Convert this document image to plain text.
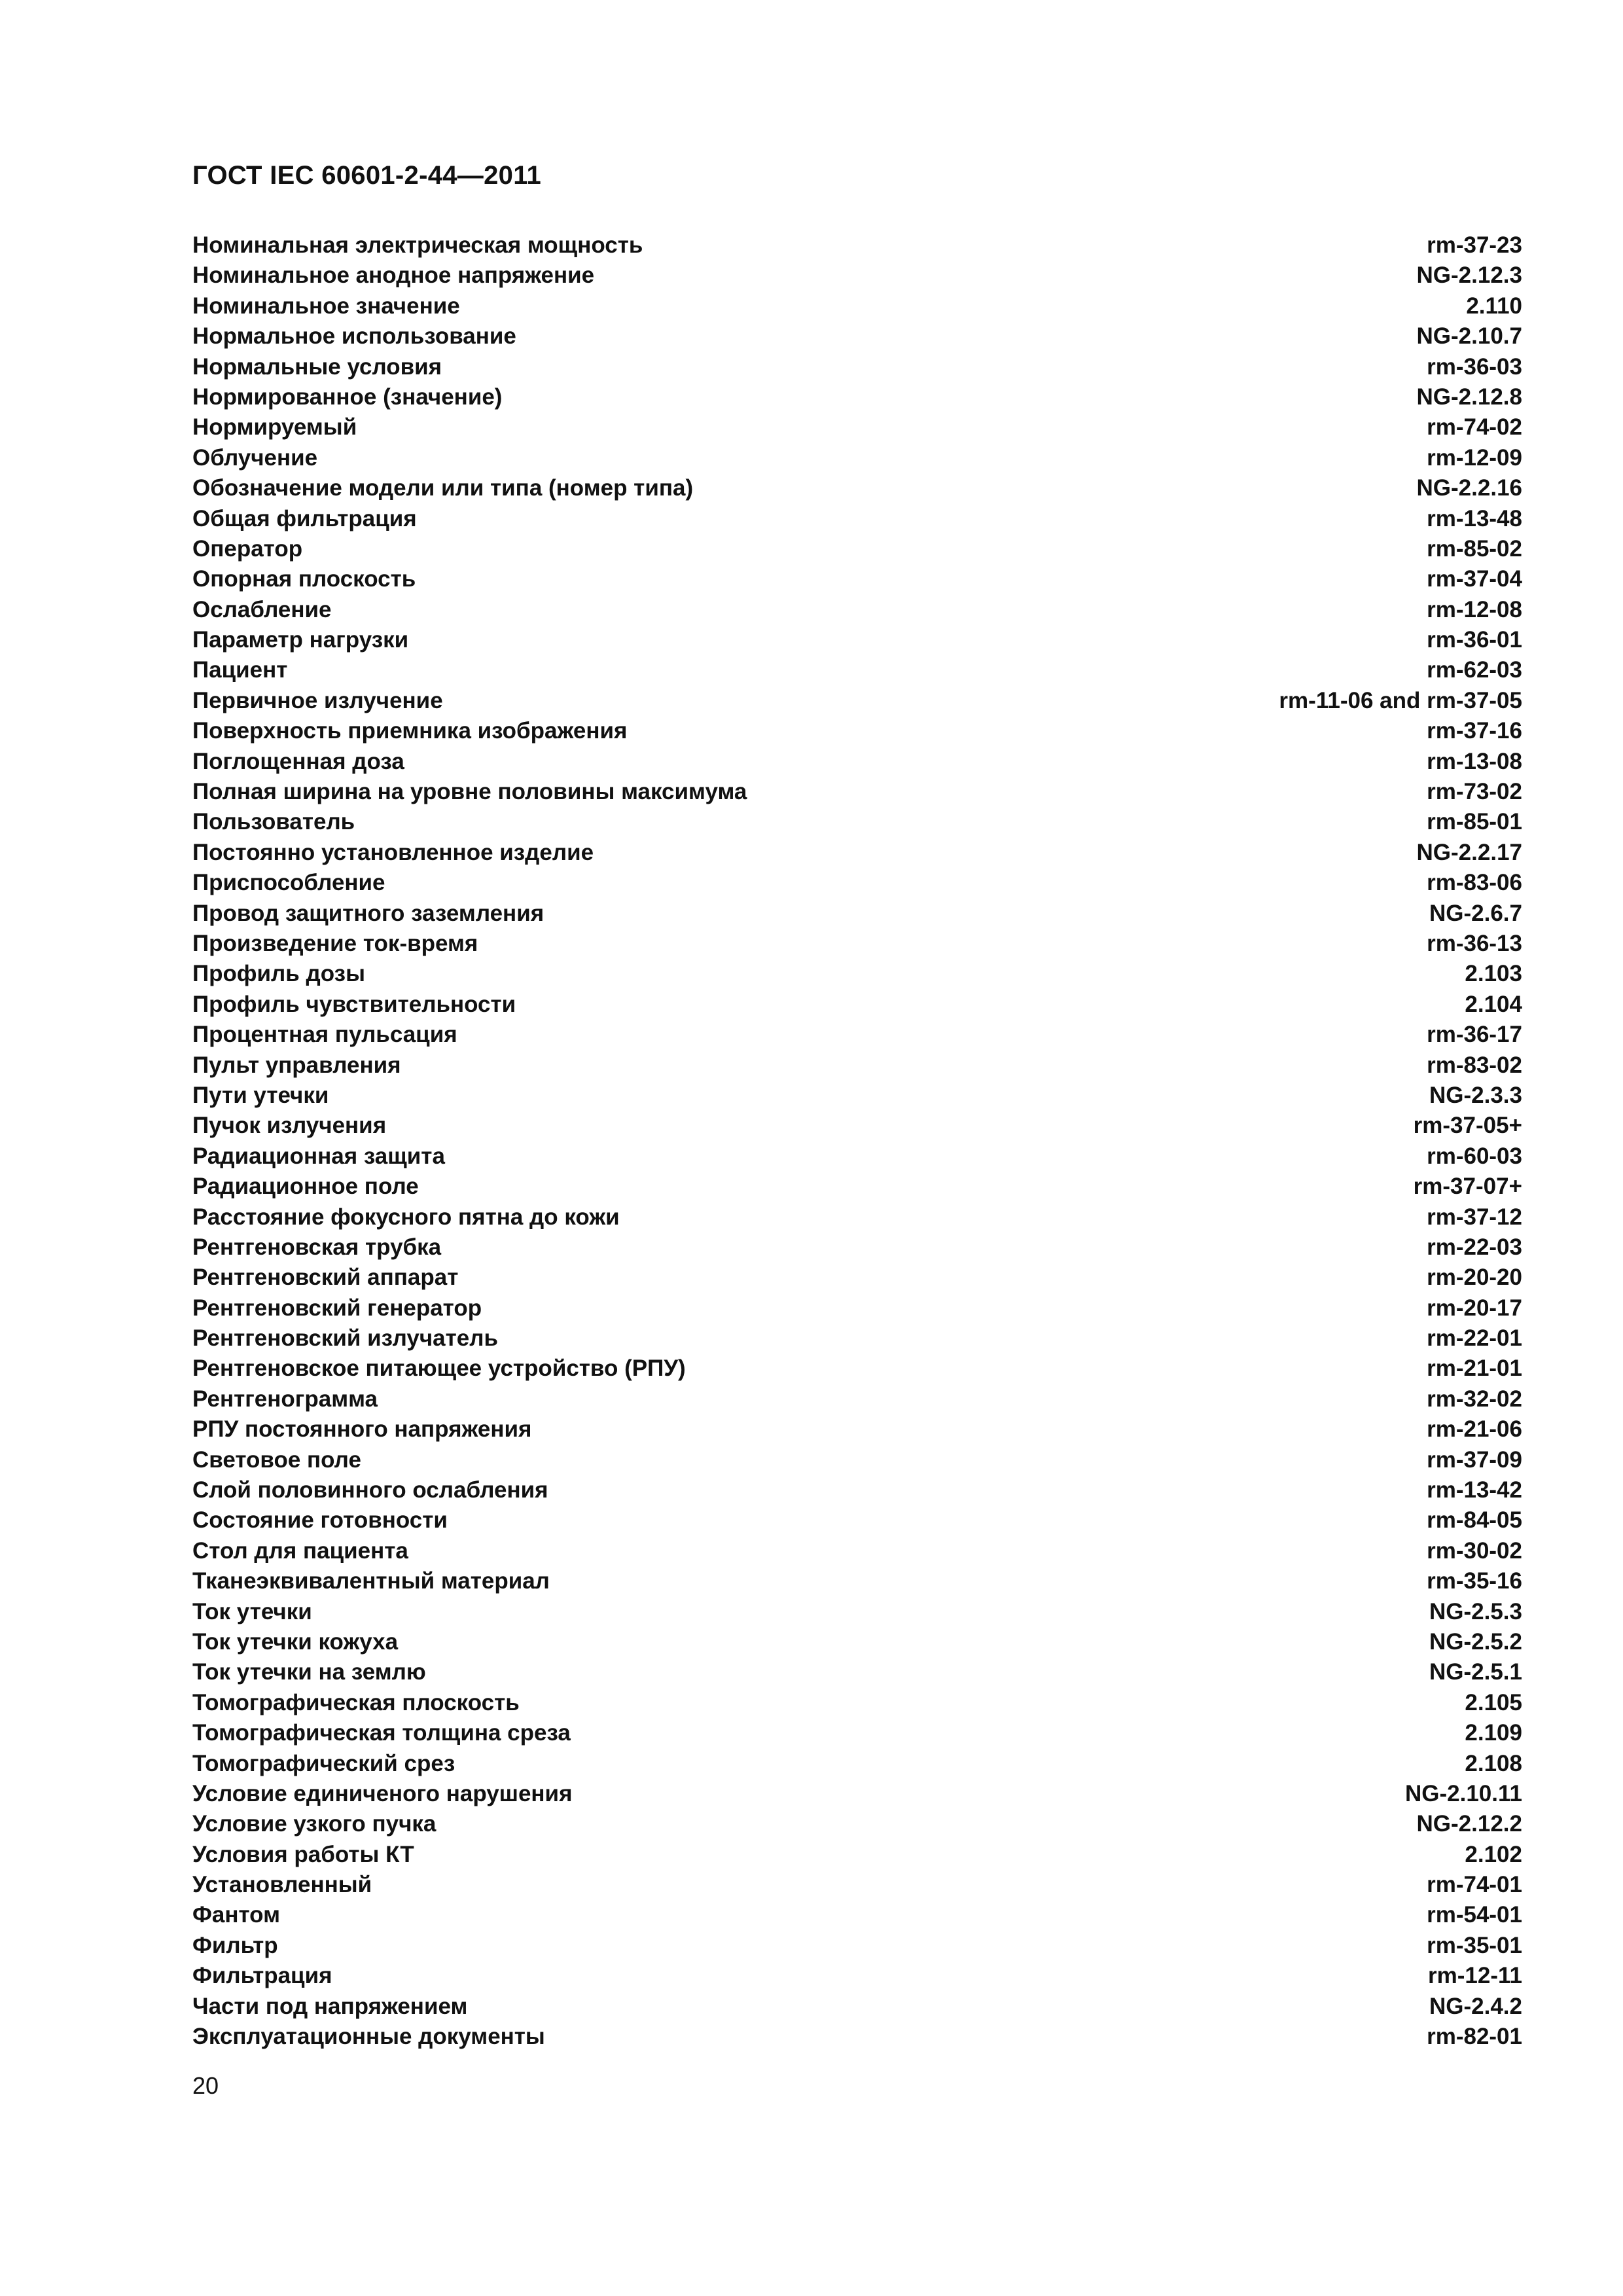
ГОСТ IEC 60601-2-44—2011
Номинальная электрическая мощность	rm-37-23
Номинальное анодное напряжение	NG-2.12.3
Номинальное значение	2.110
Нормальное использование	NG-2.10.7
Нормальные условия	rm-36-03
Нормированное (значение)	NG-2.12.8
Нормируемый	rm-74-02
Облучение	rm-12-09
Обозначение модели или типа (номер типа)	NG-2.2.16
Общая фильтрация	rm-13-48
Оператор	rm-85-02
Опорная плоскость	rm-37-04
Ослабление	rm-12-08
Параметр нагрузки	rm-36-01
Пациент	rm-62-03
Первичное излучение	rm-11-06 and rm-37-05
Поверхность приемника изображения	rm-37-16
Поглощенная доза	rm-13-08
Полная ширина на уровне половины максимума	rm-73-02
Пользователь	rm-85-01
Постоянно установленное изделие	NG-2.2.17
Приспособление	rm-83-06
Провод защитного заземления	NG-2.6.7
Произведение ток-время	rm-36-13
Профиль дозы	2.103
Профиль чувствительности	2.104
Процентная пульсация	rm-36-17
Пульт управления	rm-83-02
Пути утечки	NG-2.3.3
Пучок излучения	rm-37-05+
Радиационная защита	rm-60-03
Радиационное поле	rm-37-07+
Расстояние фокусного пятна до кожи	rm-37-12
Рентгеновская трубка	rm-22-03
Рентгеновский аппарат	rm-20-20
Рентгеновский генератор	rm-20-17
Рентгеновский излучатель	rm-22-01
Рентгеновское питающее устройство (РПУ)	rm-21-01
Рентгенограмма	rm-32-02
РПУ постоянного напряжения	rm-21-06
Световое поле	rm-37-09
Слой половинного ослабления	rm-13-42
Состояние готовности	rm-84-05
Стол для пациента	rm-30-02
Тканеэквивалентный материал	rm-35-16
Ток утечки	NG-2.5.3
Ток утечки кожуха	NG-2.5.2
Ток утечки на землю	NG-2.5.1
Томографическая плоскость	2.105
Томографическая толщина среза	2.109
Томографический срез	2.108
Условие единиченого нарушения	NG-2.10.11
Условие узкого пучка	NG-2.12.2
Условия работы КТ	2.102
Установленный	rm-74-01
Фантом	rm-54-01
Фильтр	rm-35-01
Фильтрация	rm-12-11
Части под напряжением	NG-2.4.2
Эксплуатационные документы	rm-82-01
20
